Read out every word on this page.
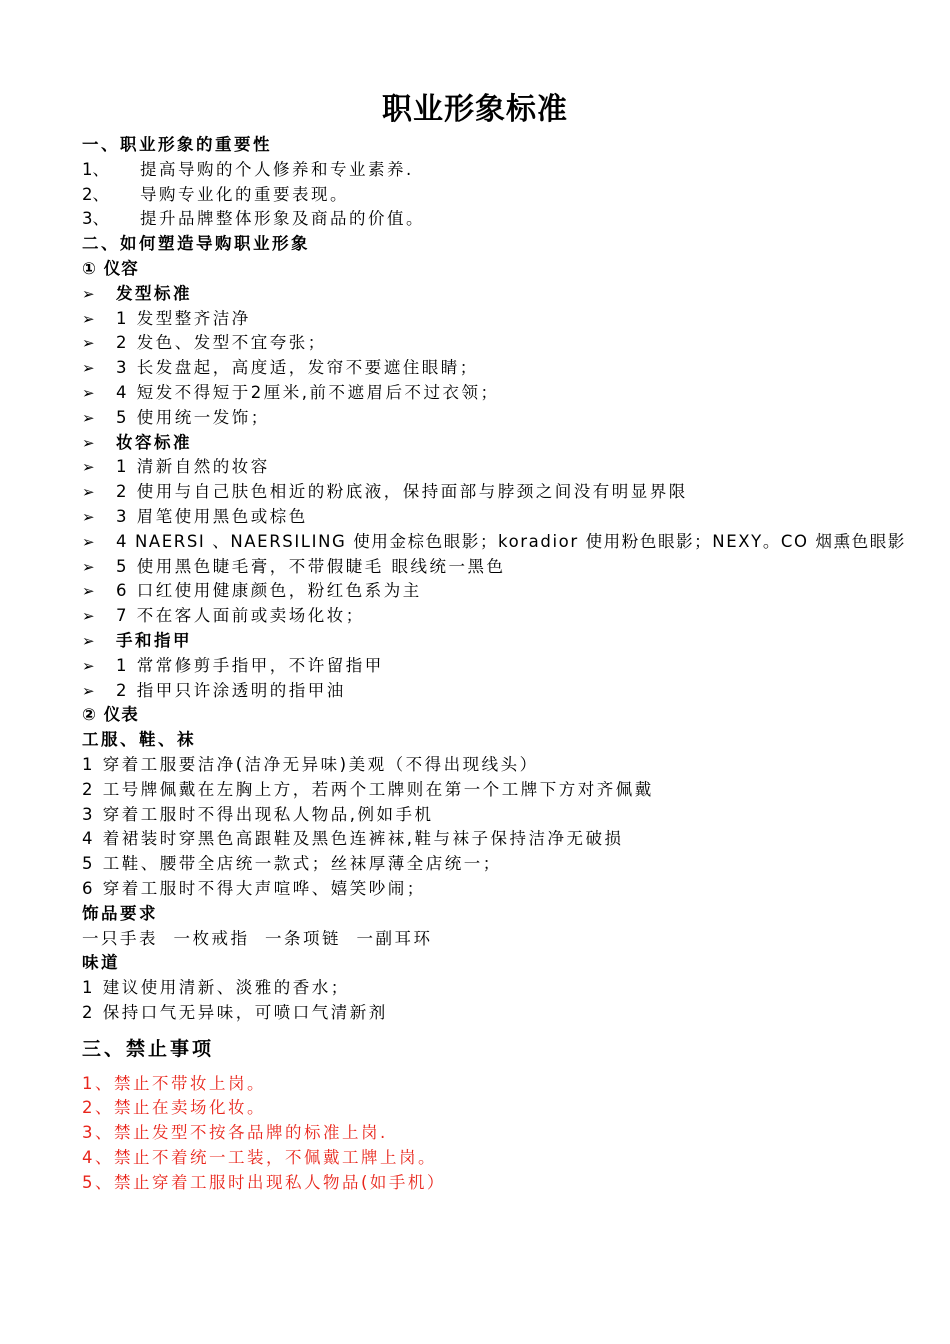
职业形象标准
一、职业形象的重要性
1、 提高导购的个人修养和专业素养.
2、 导购专业化的重要表现。
3、 提升品牌整体形象及商品的价值。
二、如何塑造导购职业形象
① 仪容
➢ 发型标准
➢ 1 发型整齐洁净
➢ 2 发色、发型不宜夸张；
➢ 3 长发盘起，高度适，发帘不要遮住眼睛；
➢ 4 短发不得短于2厘米,前不遮眉后不过衣领；
➢ 5 使用统一发饰；
➢ 妆容标准
➢ 1 清新自然的妆容
➢ 2 使用与自己肤色相近的粉底液，保持面部与脖颈之间没有明显界限
➢ 3 眉笔使用黑色或棕色
➢ 4 NAERSI 、NAERSILING 使用金棕色眼影；koradior 使用粉色眼影；NEXY。CO 烟熏色眼影
➢ 5 使用黑色睫毛膏，不带假睫毛 眼线统一黑色
➢ 6 口红使用健康颜色，粉红色系为主
➢ 7 不在客人面前或卖场化妆；
➢ 手和指甲
➢ 1 常常修剪手指甲，不许留指甲
➢ 2 指甲只许涂透明的指甲油
② 仪表
工服、鞋、袜
1 穿着工服要洁净(洁净无异味)美观（不得出现线头）
2 工号牌佩戴在左胸上方，若两个工牌则在第一个工牌下方对齐佩戴
3 穿着工服时不得出现私人物品,例如手机
4 着裙装时穿黑色高跟鞋及黑色连裤袜,鞋与袜子保持洁净无破损
5 工鞋、腰带全店统一款式；丝袜厚薄全店统一；
6 穿着工服时不得大声喧哗、嬉笑吵闹；
饰品要求
一只手表  一枚戒指  一条项链  一副耳环
味道
1 建议使用清新、淡雅的香水；
2 保持口气无异味，可喷口气清新剂
三、禁止事项
1、禁止不带妆上岗。
2、禁止在卖场化妆。
3、禁止发型不按各品牌的标准上岗.
4、禁止不着统一工装，不佩戴工牌上岗。
5、禁止穿着工服时出现私人物品(如手机）
